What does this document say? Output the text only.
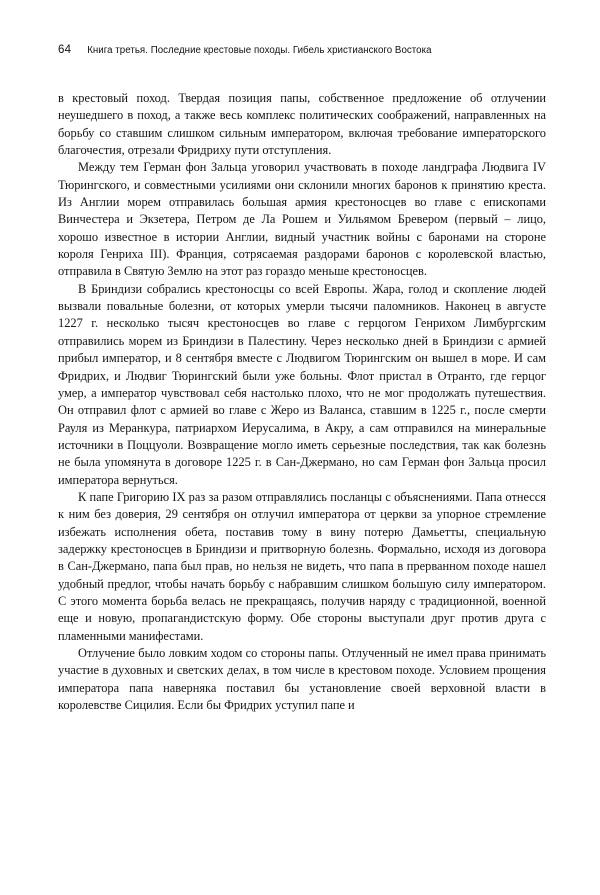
64 Книга третья. Последние крестовые походы. Гибель христианского Востока

в крестовый поход. Твердая позиция папы, собственное предложение об отлучении неушедшего в поход, а также весь комплекс политических соображений, направленных на борьбу со ставшим слишком сильным императором, включая требование императорского благочестия, отрезали Фридриху пути отступления.

Между тем Герман фон Зальца уговорил участвовать в походе ландграфа Людвига IV Тюрингского, и совместными усилиями они склонили многих баронов к принятию креста. Из Англии морем отправилась большая армия крестоносцев во главе с епископами Винчестера и Экзетера, Петром де Ла Рошем и Уильямом Бревером (первый – лицо, хорошо известное в истории Англии, видный участник войны с баронами на стороне короля Генриха III). Франция, сотрясаемая раздорами баронов с королевской властью, отправила в Святую Землю на этот раз гораздо меньше крестоносцев.

В Бриндизи собрались крестоносцы со всей Европы. Жара, голод и скопление людей вызвали повальные болезни, от которых умерли тысячи паломников. Наконец в августе 1227 г. несколько тысяч крестоносцев во главе с герцогом Генрихом Лимбургским отправились морем из Бриндизи в Палестину. Через несколько дней в Бриндизи с армией прибыл император, и 8 сентября вместе с Людвигом Тюрингским он вышел в море. И сам Фридрих, и Людвиг Тюрингский были уже больны. Флот пристал в Отранто, где герцог умер, а император чувствовал себя настолько плохо, что не мог продолжать путешествия. Он отправил флот с армией во главе с Жеро из Валанса, ставшим в 1225 г., после смерти Рауля из Меранкура, патриархом Иерусалима, в Акру, а сам отправился на минеральные источники в Поццуоли. Возвращение могло иметь серьезные последствия, так как болезнь не была упомянута в договоре 1225 г. в Сан-Джермано, но сам Герман фон Зальца просил императора вернуться.

К папе Григорию IX раз за разом отправлялись посланцы с объяснениями. Папа отнесся к ним без доверия, 29 сентября он отлучил императора от церкви за упорное стремление избежать исполнения обета, поставив тому в вину потерю Дамьетты, специальную задержку крестоносцев в Бриндизи и притворную болезнь. Формально, исходя из договора в Сан-Джермано, папа был прав, но нельзя не видеть, что папа в прерванном походе нашел удобный предлог, чтобы начать борьбу с набравшим слишком большую силу императором. С этого момента борьба велась не прекращаясь, получив наряду с традиционной, военной еще и новую, пропагандистскую форму. Обе стороны выступали друг против друга с пламенными манифестами.

Отлучение было ловким ходом со стороны папы. Отлученный не имел права принимать участие в духовных и светских делах, в том числе в крестовом походе. Условием прощения императора папа наверняка поставил бы установление своей верховной власти в королевстве Сицилия. Если бы Фридрих уступил папе и
